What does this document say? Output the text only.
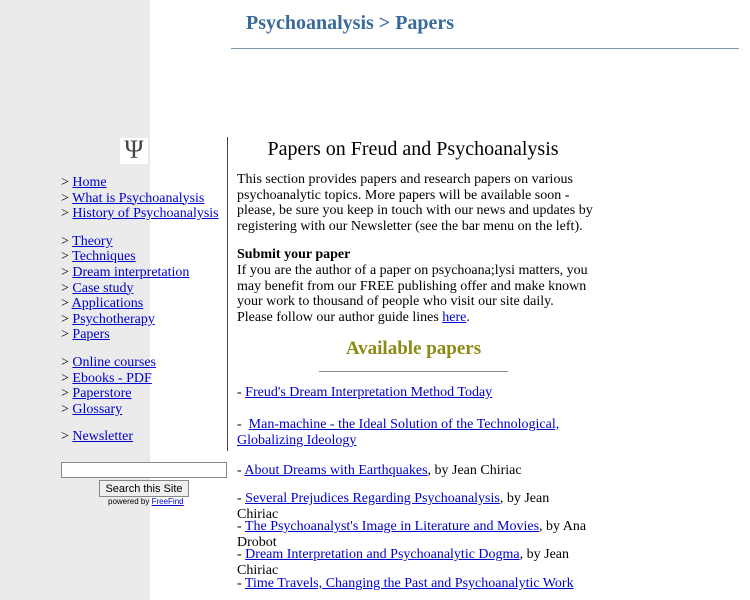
Psychoanalysis > Papers
Ψ
> Home
> What is Psychoanalysis
> History of Psychoanalysis
> Theory
> Techniques
> Dream interpretation
> Case study
> Applications
> Psychotherapy
> Papers
> Online courses
> Ebooks - PDF
> Paperstore
> Glossary
> Newsletter
Search this Site
powered by FreeFind
Papers on Freud and Psychoanalysis
This section provides papers and research papers on various psychoanalytic topics. More papers will be available soon - please, be sure you keep in touch with our news and updates by registering with our Newsletter (see the bar menu on the left).
Submit your paper
If you are the author of a paper on psychoana;lysi matters, you may benefit from our FREE publishing offer and make known your work to thousand of people who visit our site daily. Please follow our author guide lines here.
Available papers
- Freud's Dream Interpretation Method Today
-  Man-machine - the Ideal Solution of the Technological, Globalizing Ideology
- About Dreams with Earthquakes, by Jean Chiriac
- Several Prejudices Regarding Psychoanalysis, by Jean Chiriac
- The Psychoanalyst's Image in Literature and Movies, by Ana Drobot
- Dream Interpretation and Psychoanalytic Dogma, by Jean Chiriac
- Time Travels, Changing the Past and Psychoanalytic Work
